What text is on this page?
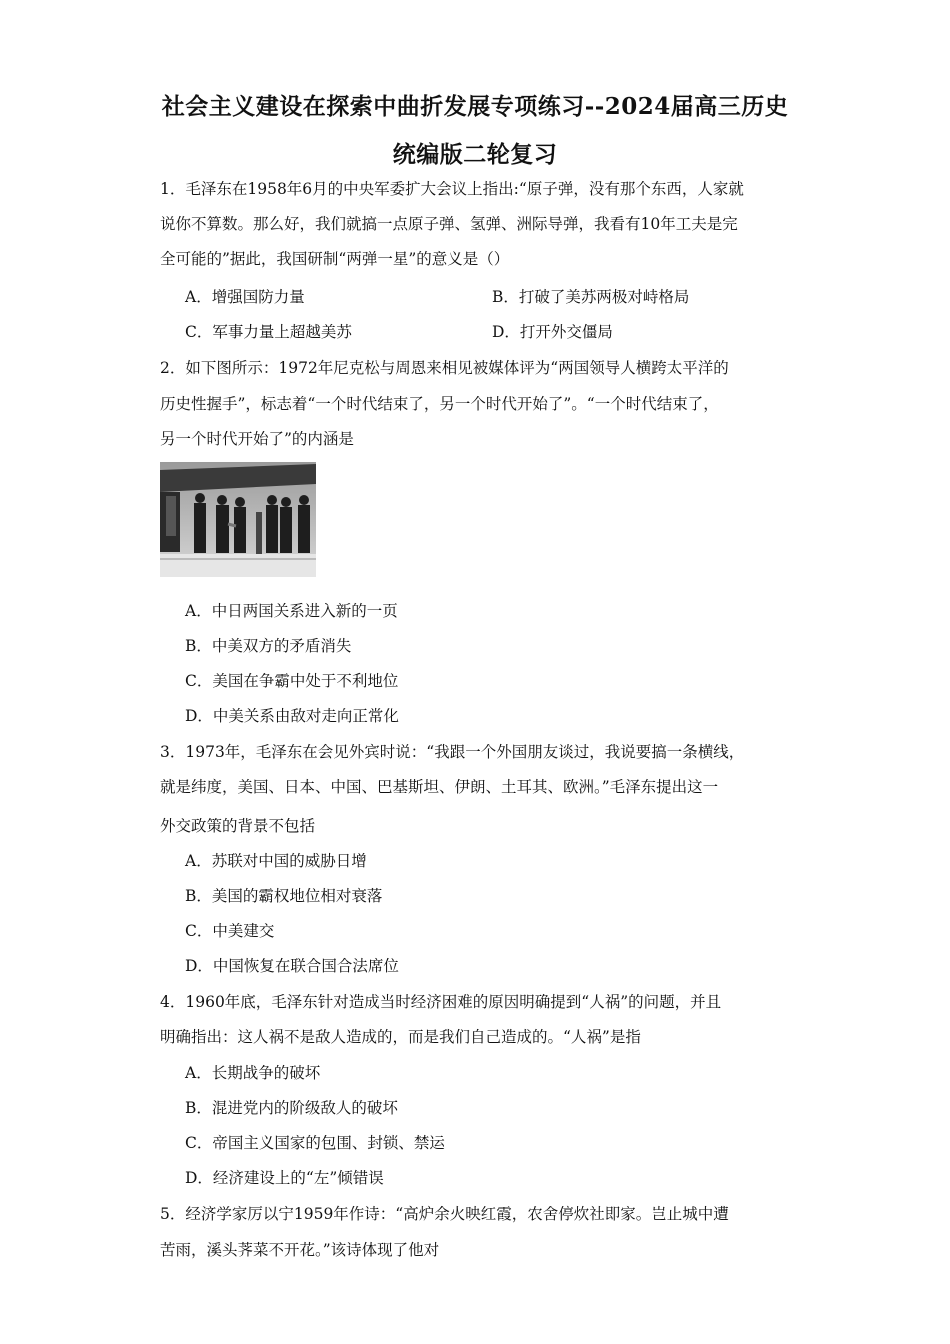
社会主义建设在探索中曲折发展专项练习--2024届高三历史
统编版二轮复习
1．毛泽东在1958年6月的中央军委扩大会议上指出:“原子弹，没有那个东西，人家就
说你不算数。那么好，我们就搞一点原子弹、氢弹、洲际导弹，我看有10年工夫是完
全可能的”据此，我国研制“两弹一星”的意义是（）
A．增强国防力量	B．打破了美苏两极对峙格局
C．军事力量上超越美苏	D．打开外交僵局
2．如下图所示：1972年尼克松与周恩来相见被媒体评为“两国领导人横跨太平洋的
历史性握手”，标志着“一个时代结束了，另一个时代开始了”。“一个时代结束了，
另一个时代开始了”的内涵是
A．中日两国关系进入新的一页
B．中美双方的矛盾消失
C．美国在争霸中处于不利地位
D．中美关系由敌对走向正常化
3．1973年，毛泽东在会见外宾时说：“我跟一个外国朋友谈过，我说要搞一条横线，
就是纬度，美国、日本、中国、巴基斯坦、伊朗、土耳其、欧洲。”毛泽东提出这一
外交政策的背景不包括
A．苏联对中国的威胁日增
B．美国的霸权地位相对衰落
C．中美建交
D．中国恢复在联合国合法席位
4．1960年底，毛泽东针对造成当时经济困难的原因明确提到“人祸”的问题，并且
明确指出：这人祸不是敌人造成的，而是我们自己造成的。“人祸”是指
A．长期战争的破坏
B．混进党内的阶级敌人的破坏
C．帝国主义国家的包围、封锁、禁运
D．经济建设上的“左”倾错误
5．经济学家厉以宁1959年作诗：“高炉余火映红霞，农舍停炊社即家。岂止城中遭
苦雨，溪头荠菜不开花。”该诗体现了他对
